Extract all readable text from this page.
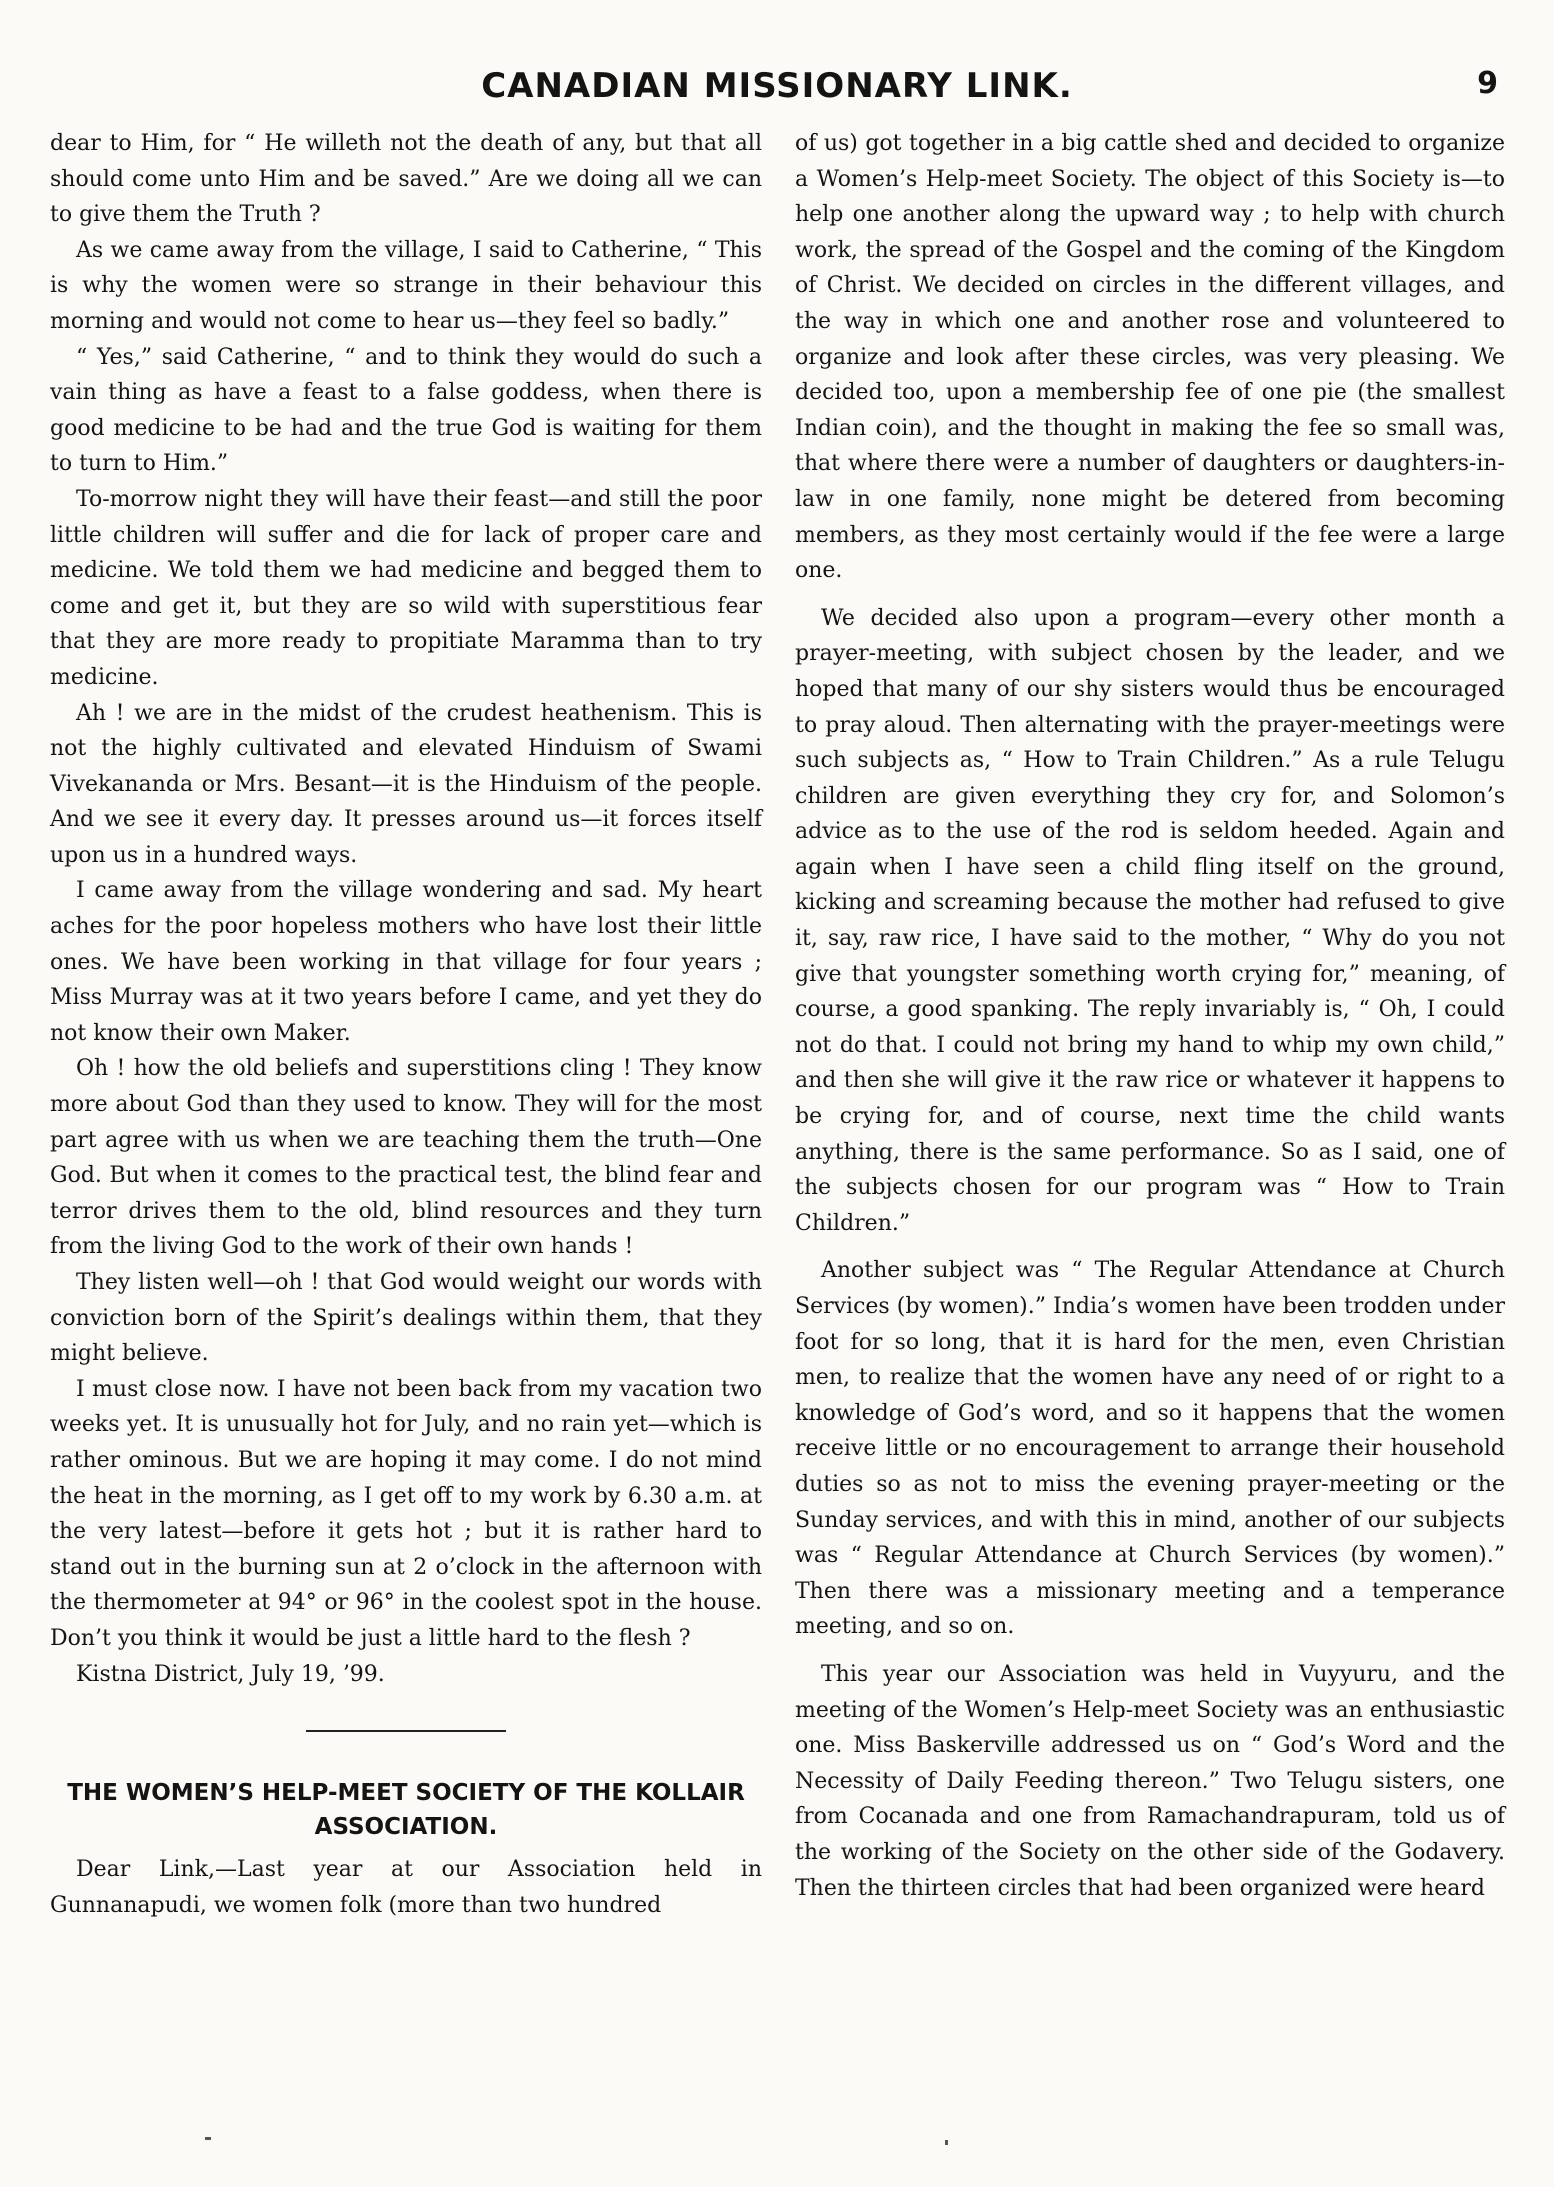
CANADIAN MISSIONARY LINK.	9

dear to Him, for “ He willeth not the death of any, but that all should come unto Him and be saved.” Are we doing all we can to give them the Truth ?

As we came away from the village, I said to Catherine, “ This is why the women were so strange in their behaviour this morning and would not come to hear us—they feel so badly.”

“ Yes,” said Catherine, “ and to think they would do such a vain thing as have a feast to a false goddess, when there is good medicine to be had and the true God is waiting for them to turn to Him.”

To-morrow night they will have their feast—and still the poor little children will suffer and die for lack of proper care and medicine. We told them we had medicine and begged them to come and get it, but they are so wild with superstitious fear that they are more ready to propitiate Maramma than to try medicine.

Ah ! we are in the midst of the crudest heathenism. This is not the highly cultivated and elevated Hinduism of Swami Vivekananda or Mrs. Besant—it is the Hinduism of the people. And we see it every day. It presses around us—it forces itself upon us in a hundred ways.

I came away from the village wondering and sad. My heart aches for the poor hopeless mothers who have lost their little ones. We have been working in that village for four years ; Miss Murray was at it two years before I came, and yet they do not know their own Maker.

Oh ! how the old beliefs and superstitions cling ! They know more about God than they used to know. They will for the most part agree with us when we are teaching them the truth—One God. But when it comes to the practical test, the blind fear and terror drives them to the old, blind resources and they turn from the living God to the work of their own hands !

They listen well—oh ! that God would weight our words with conviction born of the Spirit’s dealings within them, that they might believe.

I must close now. I have not been back from my vacation two weeks yet. It is unusually hot for July, and no rain yet—which is rather ominous. But we are hoping it may come. I do not mind the heat in the morning, as I get off to my work by 6.30 a.m. at the very latest—before it gets hot ; but it is rather hard to stand out in the burning sun at 2 o’clock in the afternoon with the thermometer at 94° or 96° in the coolest spot in the house. Don’t you think it would be just a little hard to the flesh ?

Kistna District, July 19, ’99.

THE WOMEN’S HELP-MEET SOCIETY OF THE KOLLAIR ASSOCIATION.

Dear Link,—Last year at our Association held in Gunnanapudi, we women folk (more than two hundred

of us) got together in a big cattle shed and decided to organize a Women’s Help-meet Society. The object of this Society is—to help one another along the upward way ; to help with church work, the spread of the Gospel and the coming of the Kingdom of Christ. We decided on circles in the different villages, and the way in which one and another rose and volunteered to organize and look after these circles, was very pleasing. We decided too, upon a membership fee of one pie (the smallest Indian coin), and the thought in making the fee so small was, that where there were a number of daughters or daughters-in-law in one family, none might be detered from becoming members, as they most certainly would if the fee were a large one.

We decided also upon a program—every other month a prayer-meeting, with subject chosen by the leader, and we hoped that many of our shy sisters would thus be encouraged to pray aloud. Then alternating with the prayer-meetings were such subjects as, “ How to Train Children.” As a rule Telugu children are given everything they cry for, and Solomon’s advice as to the use of the rod is seldom heeded. Again and again when I have seen a child fling itself on the ground, kicking and screaming because the mother had refused to give it, say, raw rice, I have said to the mother, “ Why do you not give that youngster something worth crying for,” meaning, of course, a good spanking. The reply invariably is, “ Oh, I could not do that. I could not bring my hand to whip my own child,” and then she will give it the raw rice or whatever it happens to be crying for, and of course, next time the child wants anything, there is the same performance. So as I said, one of the subjects chosen for our program was “ How to Train Children.”

Another subject was “ The Regular Attendance at Church Services (by women).” India’s women have been trodden under foot for so long, that it is hard for the men, even Christian men, to realize that the women have any need of or right to a knowledge of God’s word, and so it happens that the women receive little or no encouragement to arrange their household duties so as not to miss the evening prayer-meeting or the Sunday services, and with this in mind, another of our subjects was “ Regular Attendance at Church Services (by women).” Then there was a missionary meeting and a temperance meeting, and so on.

This year our Association was held in Vuyyuru, and the meeting of the Women’s Help-meet Society was an enthusiastic one. Miss Baskerville addressed us on “ God’s Word and the Necessity of Daily Feeding thereon.” Two Telugu sisters, one from Cocanada and one from Ramachandrapuram, told us of the working of the Society on the other side of the Godavery. Then the thirteen circles that had been organized were heard
